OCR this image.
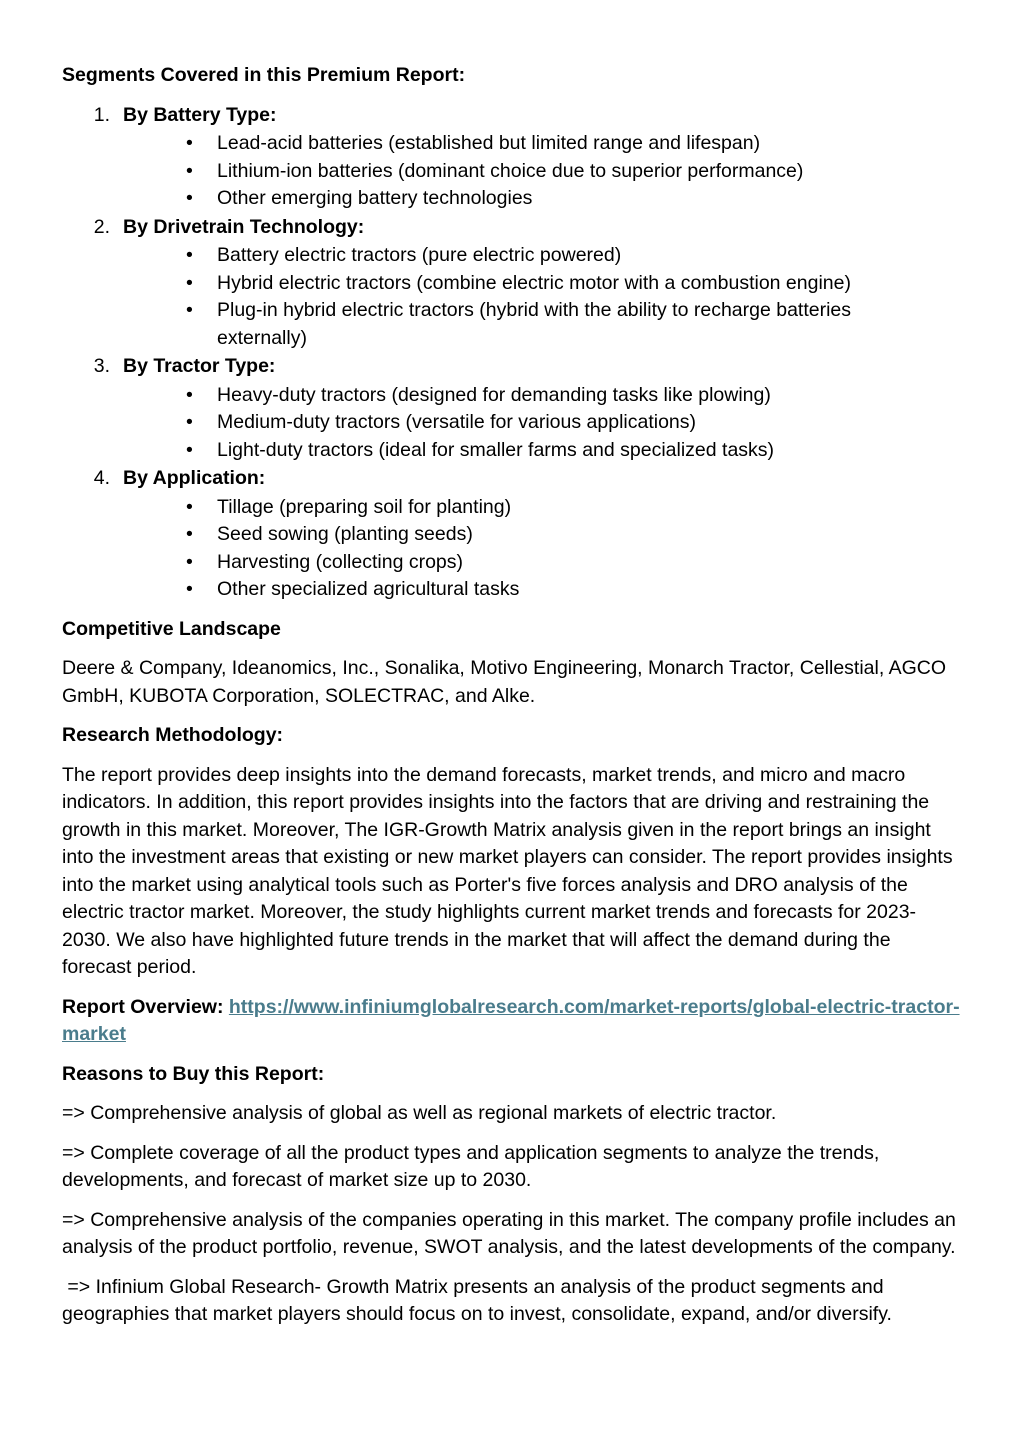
Segments Covered in this Premium Report:
1. By Battery Type:
• Lead-acid batteries (established but limited range and lifespan)
• Lithium-ion batteries (dominant choice due to superior performance)
• Other emerging battery technologies
2. By Drivetrain Technology:
• Battery electric tractors (pure electric powered)
• Hybrid electric tractors (combine electric motor with a combustion engine)
• Plug-in hybrid electric tractors (hybrid with the ability to recharge batteries externally)
3. By Tractor Type:
• Heavy-duty tractors (designed for demanding tasks like plowing)
• Medium-duty tractors (versatile for various applications)
• Light-duty tractors (ideal for smaller farms and specialized tasks)
4. By Application:
• Tillage (preparing soil for planting)
• Seed sowing (planting seeds)
• Harvesting (collecting crops)
• Other specialized agricultural tasks
Competitive Landscape
Deere & Company, Ideanomics, Inc., Sonalika, Motivo Engineering, Monarch Tractor, Cellestial, AGCO GmbH, KUBOTA Corporation, SOLECTRAC, and Alke.
Research Methodology:
The report provides deep insights into the demand forecasts, market trends, and micro and macro indicators. In addition, this report provides insights into the factors that are driving and restraining the growth in this market. Moreover, The IGR-Growth Matrix analysis given in the report brings an insight into the investment areas that existing or new market players can consider. The report provides insights into the market using analytical tools such as Porter's five forces analysis and DRO analysis of the electric tractor market. Moreover, the study highlights current market trends and forecasts for 2023-2030. We also have highlighted future trends in the market that will affect the demand during the forecast period.
Report Overview: https://www.infiniumglobalresearch.com/market-reports/global-electric-tractor-market
Reasons to Buy this Report:
=> Comprehensive analysis of global as well as regional markets of electric tractor.
=> Complete coverage of all the product types and application segments to analyze the trends, developments, and forecast of market size up to 2030.
=> Comprehensive analysis of the companies operating in this market. The company profile includes an analysis of the product portfolio, revenue, SWOT analysis, and the latest developments of the company.
=> Infinium Global Research- Growth Matrix presents an analysis of the product segments and geographies that market players should focus on to invest, consolidate, expand, and/or diversify.
